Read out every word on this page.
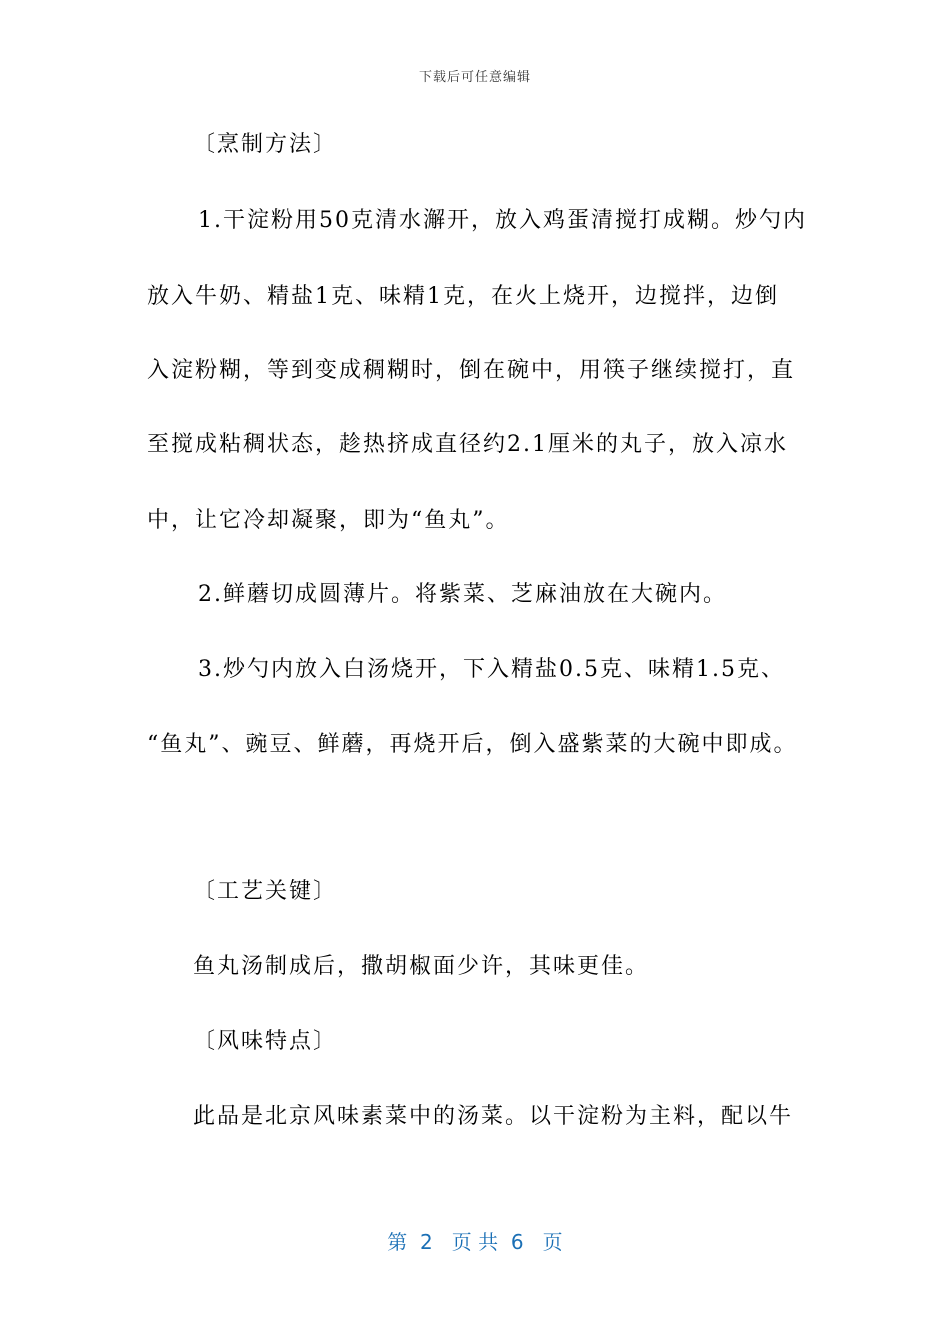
下载后可任意编辑
〔烹制方法〕
1.干淀粉用50克清水澥开，放入鸡蛋清搅打成糊。炒勺内
放入牛奶、精盐1克、味精1克，在火上烧开，边搅拌，边倒
入淀粉糊，等到变成稠糊时，倒在碗中，用筷子继续搅打，直
至搅成粘稠状态，趁热挤成直径约2.1厘米的丸子，放入凉水
中，让它冷却凝聚，即为“鱼丸”。
2.鲜蘑切成圆薄片。将紫菜、芝麻油放在大碗内。
3.炒勺内放入白汤烧开，下入精盐0.5克、味精1.5克、
“鱼丸”、豌豆、鲜蘑，再烧开后，倒入盛紫菜的大碗中即成。
〔工艺关键〕
鱼丸汤制成后，撒胡椒面少许，其味更佳。
〔风味特点〕
此品是北京风味素菜中的汤菜。以干淀粉为主料，配以牛
第  2   页 共  6   页
